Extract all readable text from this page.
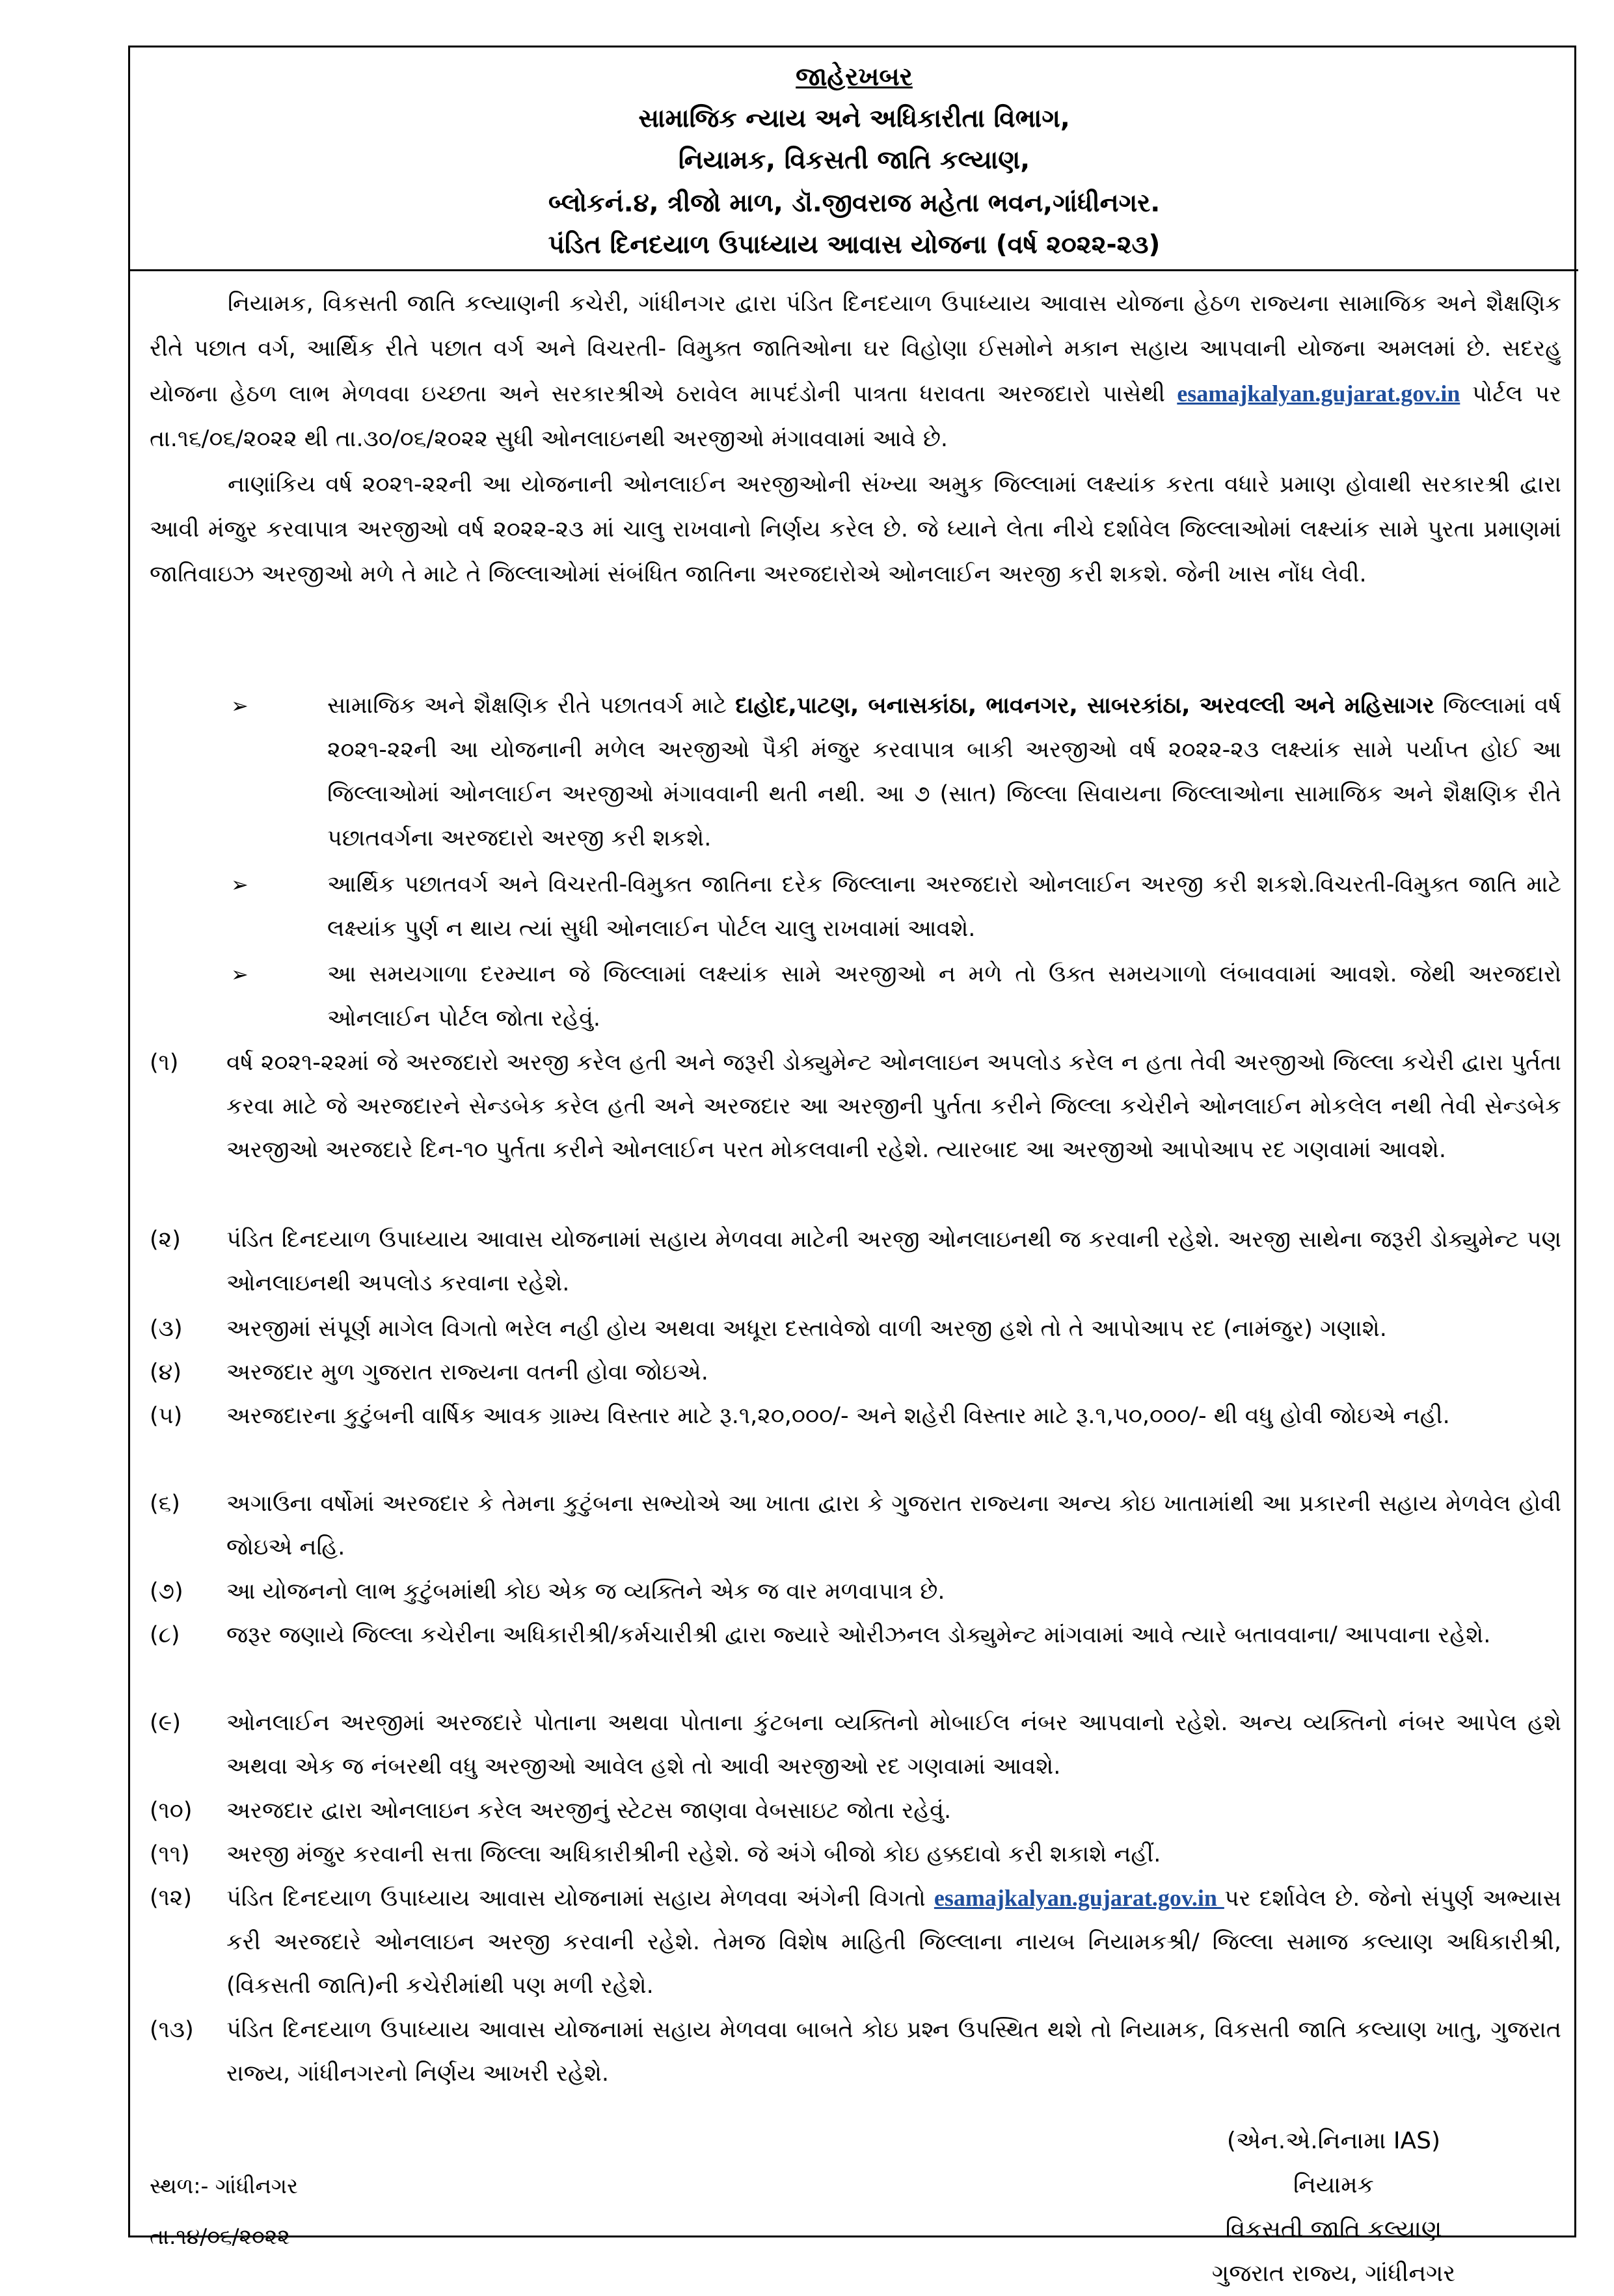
જાહેરખબર
સામાજિક ન્યાય અને અધિકારીતા વિભાગ,
નિયામક, વિકસતી જાતિ કલ્યાણ,
બ્લોકનં.૪, ત્રીજો માળ, ડૉ.જીવરાજ મહેતા ભવન,ગાંધીનગર.
પંડિત દિનદયાળ ઉપાધ્યાય આવાસ યોજના (વર્ષ ૨૦૨૨-૨૩)

નિયામક, વિકસતી જાતિ કલ્યાણની કચેરી, ગાંધીનગર દ્વારા પંડિત દિનદયાળ ઉપાધ્યાય આવાસ યોજના હેઠળ રાજ્યના સામાજિક અને શૈક્ષણિક રીતે પછાત વર્ગ, આર્થિક રીતે પછાત વર્ગ અને વિચરતી- વિમુક્ત જાતિઓના ઘર વિહોણા ઈસમોને મકાન સહાય આપવાની યોજના અમલમાં છે. સદરહુ યોજના હેઠળ લાભ મેળવવા ઇચ્છતા અને સરકારશ્રીએ ઠરાવેલ માપદંડોની પાત્રતા ધરાવતા અરજદારો પાસેથી esamajkalyan.gujarat.gov.in પોર્ટલ પર તા.૧૬/૦૬/૨૦૨૨ થી તા.૩૦/૦૬/૨૦૨૨ સુધી ઓનલાઇનથી અરજીઓ મંગાવવામાં આવે છે.

નાણાંકિય વર્ષ ૨૦૨૧-૨૨ની આ યોજનાની ઓનલાઈન અરજીઓની સંખ્યા અમુક જિલ્લામાં લક્ષ્યાંક કરતા વધારે પ્રમાણ હોવાથી સરકારશ્રી દ્વારા આવી મંજુર કરવાપાત્ર અરજીઓ વર્ષ ૨૦૨૨-૨૩ માં ચાલુ રાખવાનો નિર્ણય કરેલ છે. જે ધ્યાને લેતા નીચે દર્શાવેલ જિલ્લાઓમાં લક્ષ્યાંક સામે પુરતા પ્રમાણમાં જાતિવાઇઝ અરજીઓ મળે તે માટે તે જિલ્લાઓમાં સંબંધિત જાતિના અરજદારોએ ઓનલાઈન અરજી કરી શકશે. જેની ખાસ નોંધ લેવી.

➢	સામાજિક અને શૈક્ષણિક રીતે પછાતવર્ગ માટે દાહોદ,પાટણ, બનાસકાંઠા, ભાવનગર, સાબરકાંઠા, અરવલ્લી અને મહિસાગર જિલ્લામાં વર્ષ ૨૦૨૧-૨૨ની આ યોજનાની મળેલ અરજીઓ પૈકી મંજુર કરવાપાત્ર બાકી અરજીઓ વર્ષ ૨૦૨૨-૨૩ લક્ષ્યાંક સામે પર્યાપ્ત હોઈ આ જિલ્લાઓમાં ઓનલાઈન અરજીઓ મંગાવવાની થતી નથી. આ ૭ (સાત) જિલ્લા સિવાયના જિલ્લાઓના સામાજિક અને શૈક્ષણિક રીતે પછાતવર્ગના અરજદારો અરજી કરી શકશે.
➢	આર્થિક પછાતવર્ગ અને વિચરતી-વિમુક્ત જાતિના દરેક જિલ્લાના અરજદારો ઓનલાઈન અરજી કરી શકશે.વિચરતી-વિમુક્ત જાતિ માટે લક્ષ્યાંક પુર્ણ ન થાય ત્યાં સુધી ઓનલાઈન પોર્ટલ ચાલુ રાખવામાં આવશે.
➢	આ સમયગાળા દરમ્યાન જે જિલ્લામાં લક્ષ્યાંક સામે અરજીઓ ન મળે તો ઉક્ત સમયગાળો લંબાવવામાં આવશે. જેથી અરજદારો ઓનલાઈન પોર્ટલ જોતા રહેવું.
(૧) વર્ષ ૨૦૨૧-૨૨માં જે અરજદારો અરજી કરેલ હતી અને જરૂરી ડોક્યુમેન્ટ ઓનલાઇન અપલોડ કરેલ ન હતા તેવી અરજીઓ જિલ્લા કચેરી દ્વારા પુર્તતા કરવા માટે જે અરજદારને સેન્ડબેક કરેલ હતી અને અરજદાર આ અરજીની પુર્તતા કરીને જિલ્લા કચેરીને ઓનલાઈન મોકલેલ નથી તેવી સેન્ડબેક અરજીઓ અરજદારે દિન-૧૦ પુર્તતા કરીને ઓનલાઈન પરત મોકલવાની રહેશે. ત્યારબાદ આ અરજીઓ આપોઆપ રદ ગણવામાં આવશે.
(૨) પંડિત દિનદયાળ ઉપાધ્યાય આવાસ યોજનામાં સહાય મેળવવા માટેની અરજી ઓનલાઇનથી જ કરવાની રહેશે. અરજી સાથેના જરૂરી ડોક્યુમેન્ટ પણ ઓનલાઇનથી અપલોડ કરવાના રહેશે.
(૩) અરજીમાં સંપૂર્ણ માગેલ વિગતો ભરેલ નહી હોય અથવા અધૂરા દસ્તાવેજો વાળી અરજી હશે તો તે આપોઆપ રદ (નામંજુર) ગણાશે.
(૪) અરજદાર મુળ ગુજરાત રાજ્યના વતની હોવા જોઇએ.
(૫) અરજદારના કુટુંબની વાર્ષિક આવક ગ્રામ્ય વિસ્તાર માટે રૂ.૧,૨૦,૦૦૦/- અને શહેરી વિસ્તાર માટે રૂ.૧,૫૦,૦૦૦/- થી વધુ હોવી જોઇએ નહી.
(૬) અગાઉના વર્ષોમાં અરજદાર કે તેમના કુટુંબના સભ્યોએ આ ખાતા દ્વારા કે ગુજરાત રાજ્યના અન્ય કોઇ ખાતામાંથી આ પ્રકારની સહાય મેળવેલ હોવી જોઇએ નહિ.
(૭) આ યોજનનો લાભ કુટુંબમાંથી કોઇ એક જ વ્યક્તિને એક જ વાર મળવાપાત્ર છે.
(૮) જરૂર જણાયે જિલ્લા કચેરીના અધિકારીશ્રી/કર્મચારીશ્રી દ્વારા જ્યારે ઓરીઝનલ ડોક્યુમેન્ટ માંગવામાં આવે ત્યારે બતાવવાના/ આપવાના રહેશે.
(૯) ઓનલાઈન અરજીમાં અરજદારે પોતાના અથવા પોતાના કુંટબના વ્યક્તિનો મોબાઈલ નંબર આપવાનો રહેશે. અન્ય વ્યક્તિનો નંબર આપેલ હશે અથવા એક જ નંબરથી વધુ અરજીઓ આવેલ હશે તો આવી અરજીઓ રદ ગણવામાં આવશે.
(૧૦) અરજદાર દ્વારા ઓનલાઇન કરેલ અરજીનું સ્ટેટસ જાણવા વેબસાઇટ જોતા રહેવું.
(૧૧) અરજી મંજુર કરવાની સત્તા જિલ્લા અધિકારીશ્રીની રહેશે. જે અંગે બીજો કોઇ હક્કદાવો કરી શકાશે નહીં.
(૧૨) પંડિત દિનદયાળ ઉપાધ્યાય આવાસ યોજનામાં સહાય મેળવવા અંગેની વિગતો esamajkalyan.gujarat.gov.in પર દર્શાવેલ છે. જેનો સંપુર્ણ અભ્યાસ કરી અરજદારે ઓનલાઇન અરજી કરવાની રહેશે. તેમજ વિશેષ માહિતી જિલ્લાના નાયબ નિયામકશ્રી/ જિલ્લા સમાજ કલ્યાણ અધિકારીશ્રી, (વિકસતી જાતિ)ની કચેરીમાંથી પણ મળી રહેશે.
(૧૩) પંડિત દિનદયાળ ઉપાધ્યાય આવાસ યોજનામાં સહાય મેળવવા બાબતે કોઇ પ્રશ્ન ઉપસ્થિત થશે તો નિયામક, વિકસતી જાતિ કલ્યાણ ખાતુ, ગુજરાત રાજ્ય, ગાંધીનગરનો નિર્ણય આખરી રહેશે.
સ્થળ:- ગાંધીનગર
તા.૧૪/૦૬/૨૦૨૨
(એન.એ.નિનામા IAS)
નિયામક
વિકસતી જાતિ કલ્યાણ
ગુજરાત રાજ્ય, ગાંધીનગર
